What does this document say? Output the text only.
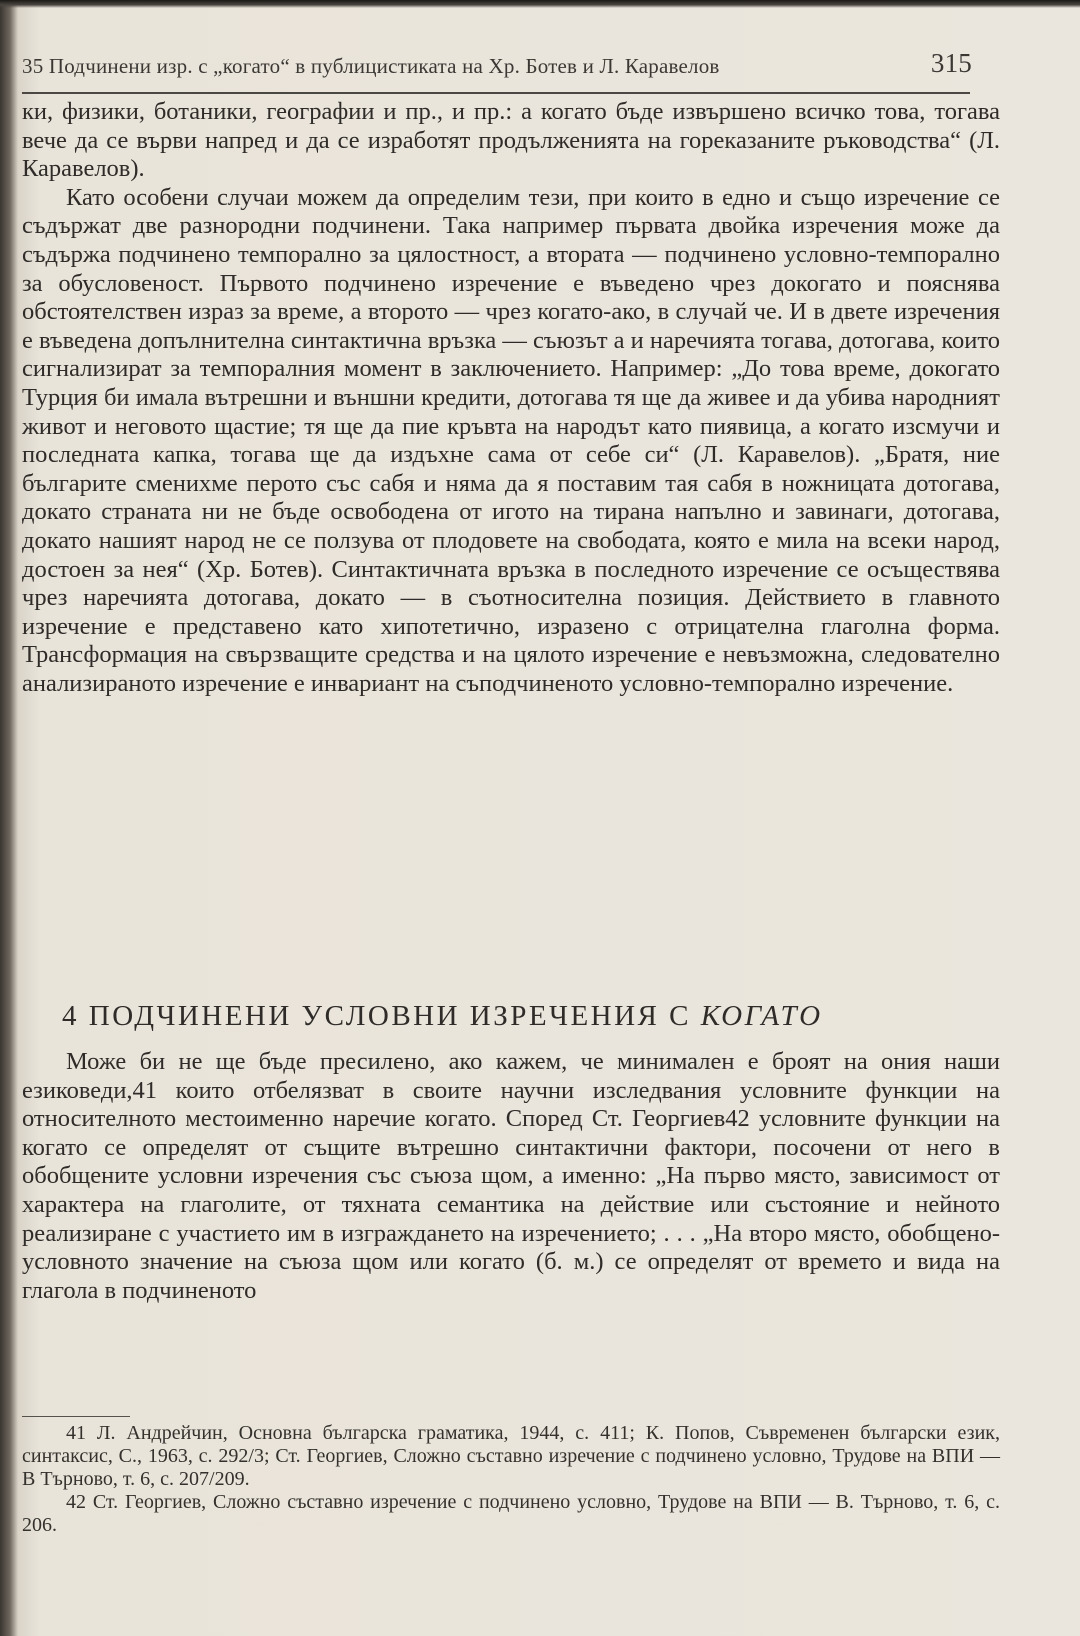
35 Подчинени изр. с „когато“ в публицистиката на Хр. Ботев и Л. Каравелов	315

ки, физики, ботаники, географии и пр., и пр.: а когато бъде извършено всичко това, тогава вече да се върви напред и да се изработят продълженията на гореказаните ръководства“ (Л. Каравелов).

Като особени случаи можем да определим тези, при които в едно и също изречение се съдържат две разнородни подчинени. Така например първата двойка изречения може да съдържа подчинено темпорално за цялостност, а втората — подчинено условно-темпорално за обусловеност. Първото подчинено изречение е въведено чрез докогато и пояснява обстоятелствен израз за време, а второто — чрез когато-ако, в случай че. И в двете изречения е въведена допълнителна синтактична връзка — съюзът а и наречията тогава, дотогава, които сигнализират за темпоралния момент в заключението. Например: „До това време, докогато Турция би имала вътрешни и външни кредити, дотогава тя ще да живее и да убива народният живот и неговото щастие; тя ще да пие кръвта на народът като пиявица, а когато изсмучи и последната капка, тогава ще да издъхне сама от себе си“ (Л. Каравелов). „Братя, ние българите сменихме перото със сабя и няма да я поставим тая сабя в ножницата дотогава, докато страната ни не бъде освободена от игото на тирана напълно и завинаги, дотогава, докато нашият народ не се ползува от плодовете на свободата, която е мила на всеки народ, достоен за нея“ (Хр. Ботев). Синтактичната връзка в последното изречение се осъществява чрез наречията дотогава, докато — в съотносителна позиция. Действието в главното изречение е представено като хипотетично, изразено с отрицателна глаголна форма. Трансформация на свързващите средства и на цялото изречение е невъзможна, следователно анализираното изречение е инвариант на съподчиненото условно-темпорално изречение.

4 ПОДЧИНЕНИ УСЛОВНИ ИЗРЕЧЕНИЯ С КОГАТО

Може би не ще бъде пресилено, ако кажем, че минимален е броят на ония наши езиковеди,41 които отбелязват в своите научни изследвания условните функции на относителното местоименно наречие когато. Според Ст. Георгиев42 условните функции на когато се определят от същите вътрешно синтактични фактори, посочени от него в обобщените условни изречения със съюза щом, а именно: „На първо място, зависимост от характера на глаголите, от тяхната семантика на действие или състояние и нейното реализиране с участието им в изграждането на изречението; . . . „На второ място, обобщено-условното значение на съюза щом или когато (б. м.) се определят от времето и вида на глагола в подчиненото

41 Л. Андрейчин, Основна българска граматика, 1944, с. 411; К. Попов, Съвременен български език, синтаксис, С., 1963, с. 292/3; Ст. Георгиев, Сложно съставно изречение с подчинено условно, Трудове на ВПИ — В Търново, т. 6, с. 207/209.

42 Ст. Георгиев, Сложно съставно изречение с подчинено условно, Трудове на ВПИ — В. Търново, т. 6, с. 206.
